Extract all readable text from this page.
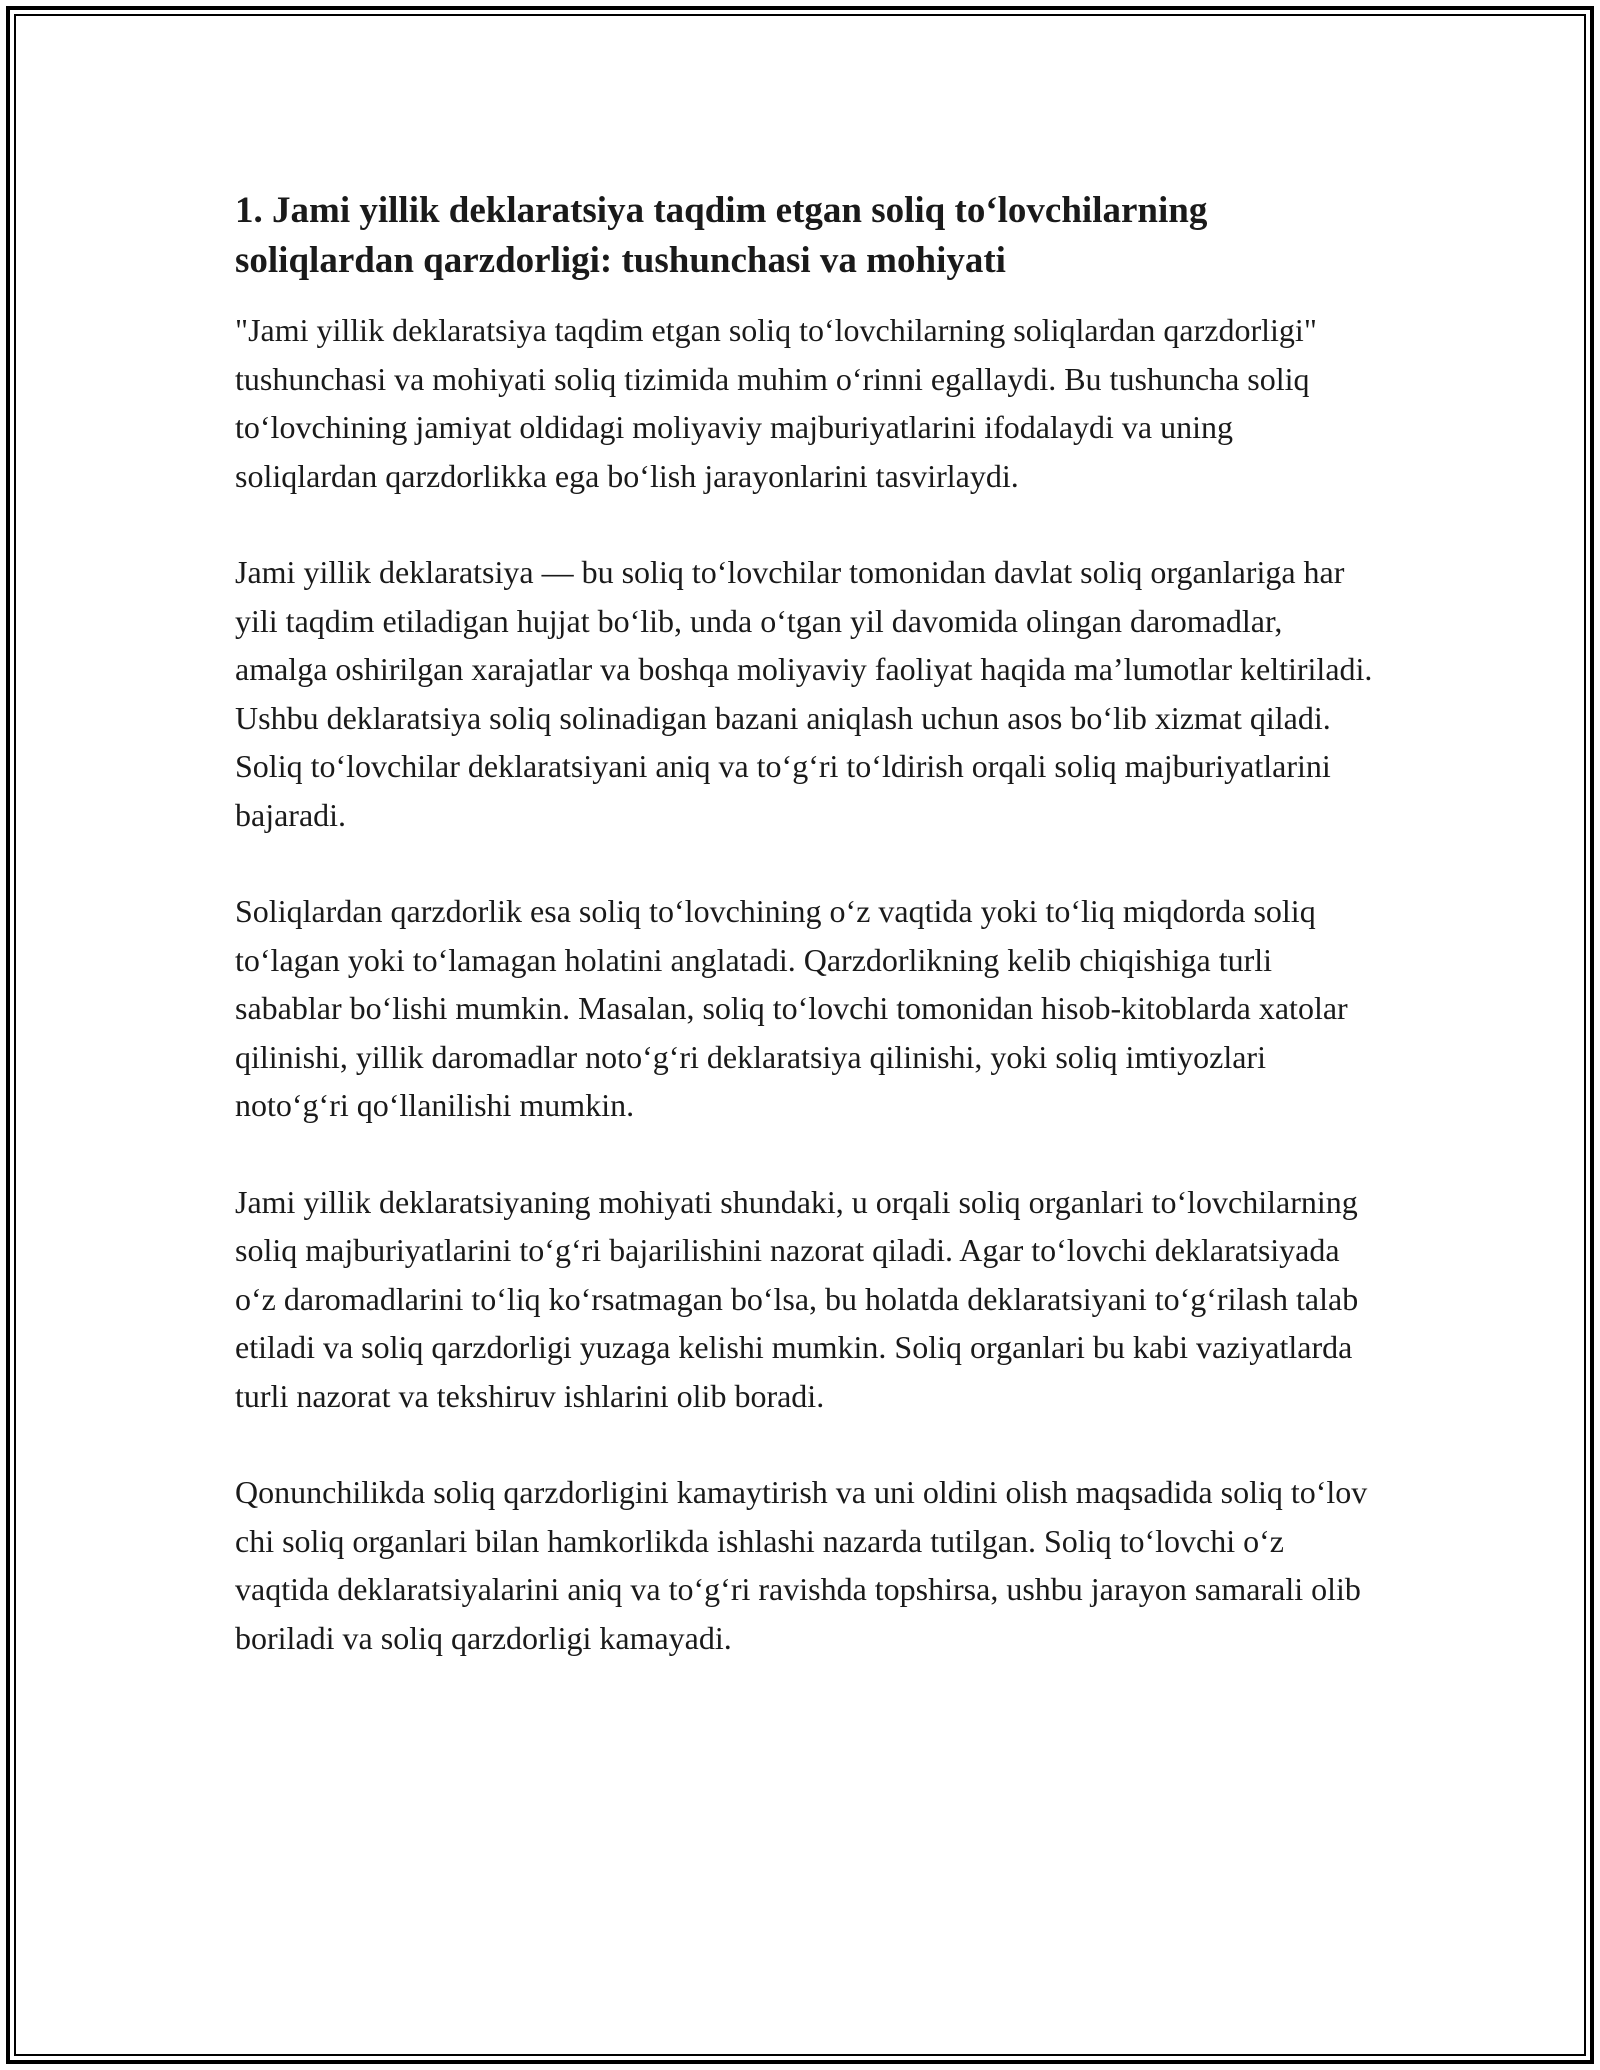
1. Jami yillik deklaratsiya taqdim etgan soliq to‘lovchilarning soliqlardan qarzdorligi: tushunchasi va mohiyati

"Jami yillik deklaratsiya taqdim etgan soliq to‘lovchilarning soliqlardan qarzdorligi" tushunchasi va mohiyati soliq tizimida muhim o‘rinni egallaydi. Bu tushuncha soliq to‘lovchining jamiyat oldidagi moliyaviy majburiyatlarini ifodalaydi va uning soliqlardan qarzdorlikka ega bo‘lish jarayonlarini tasvirlaydi.

Jami yillik deklaratsiya — bu soliq to‘lovchilar tomonidan davlat soliq organlariga har yili taqdim etiladigan hujjat bo‘lib, unda o‘tgan yil davomida olingan daromadlar, amalga oshirilgan xarajatlar va boshqa moliyaviy faoliyat haqida ma’lumotlar keltiriladi. Ushbu deklaratsiya soliq solinadigan bazani aniqlash uchun asos bo‘lib xizmat qiladi. Soliq to‘lovchilar deklaratsiyani aniq va to‘g‘ri to‘ldirish orqali soliq majburiyatlarini bajaradi.

Soliqlardan qarzdorlik esa soliq to‘lovchining o‘z vaqtida yoki to‘liq miqdorda soliq to‘lagan yoki to‘lamagan holatini anglatadi. Qarzdorlikning kelib chiqishiga turli sabablar bo‘lishi mumkin. Masalan, soliq to‘lovchi tomonidan hisob-kitoblarda xatolar qilinishi, yillik daromadlar noto‘g‘ri deklaratsiya qilinishi, yoki soliq imtiyozlari noto‘g‘ri qo‘llanilishi mumkin.

Jami yillik deklaratsiyaning mohiyati shundaki, u orqali soliq organlari to‘lovchilarning soliq majburiyatlarini to‘g‘ri bajarilishini nazorat qiladi. Agar to‘lovchi deklaratsiyada o‘z daromadlarini to‘liq ko‘rsatmagan bo‘lsa, bu holatda deklaratsiyani to‘g‘rilash talab etiladi va soliq qarzdorligi yuzaga kelishi mumkin. Soliq organlari bu kabi vaziyatlarda turli nazorat va tekshiruv ishlarini olib boradi.

Qonunchilikda soliq qarzdorligini kamaytirish va uni oldini olish maqsadida soliq to‘lov chi soliq organlari bilan hamkorlikda ishlashi nazarda tutilgan. Soliq to‘lovchi o‘z vaqtida deklaratsiyalarini aniq va to‘g‘ri ravishda topshirsa, ushbu jarayon samarali olib boriladi va soliq qarzdorligi kamayadi.
